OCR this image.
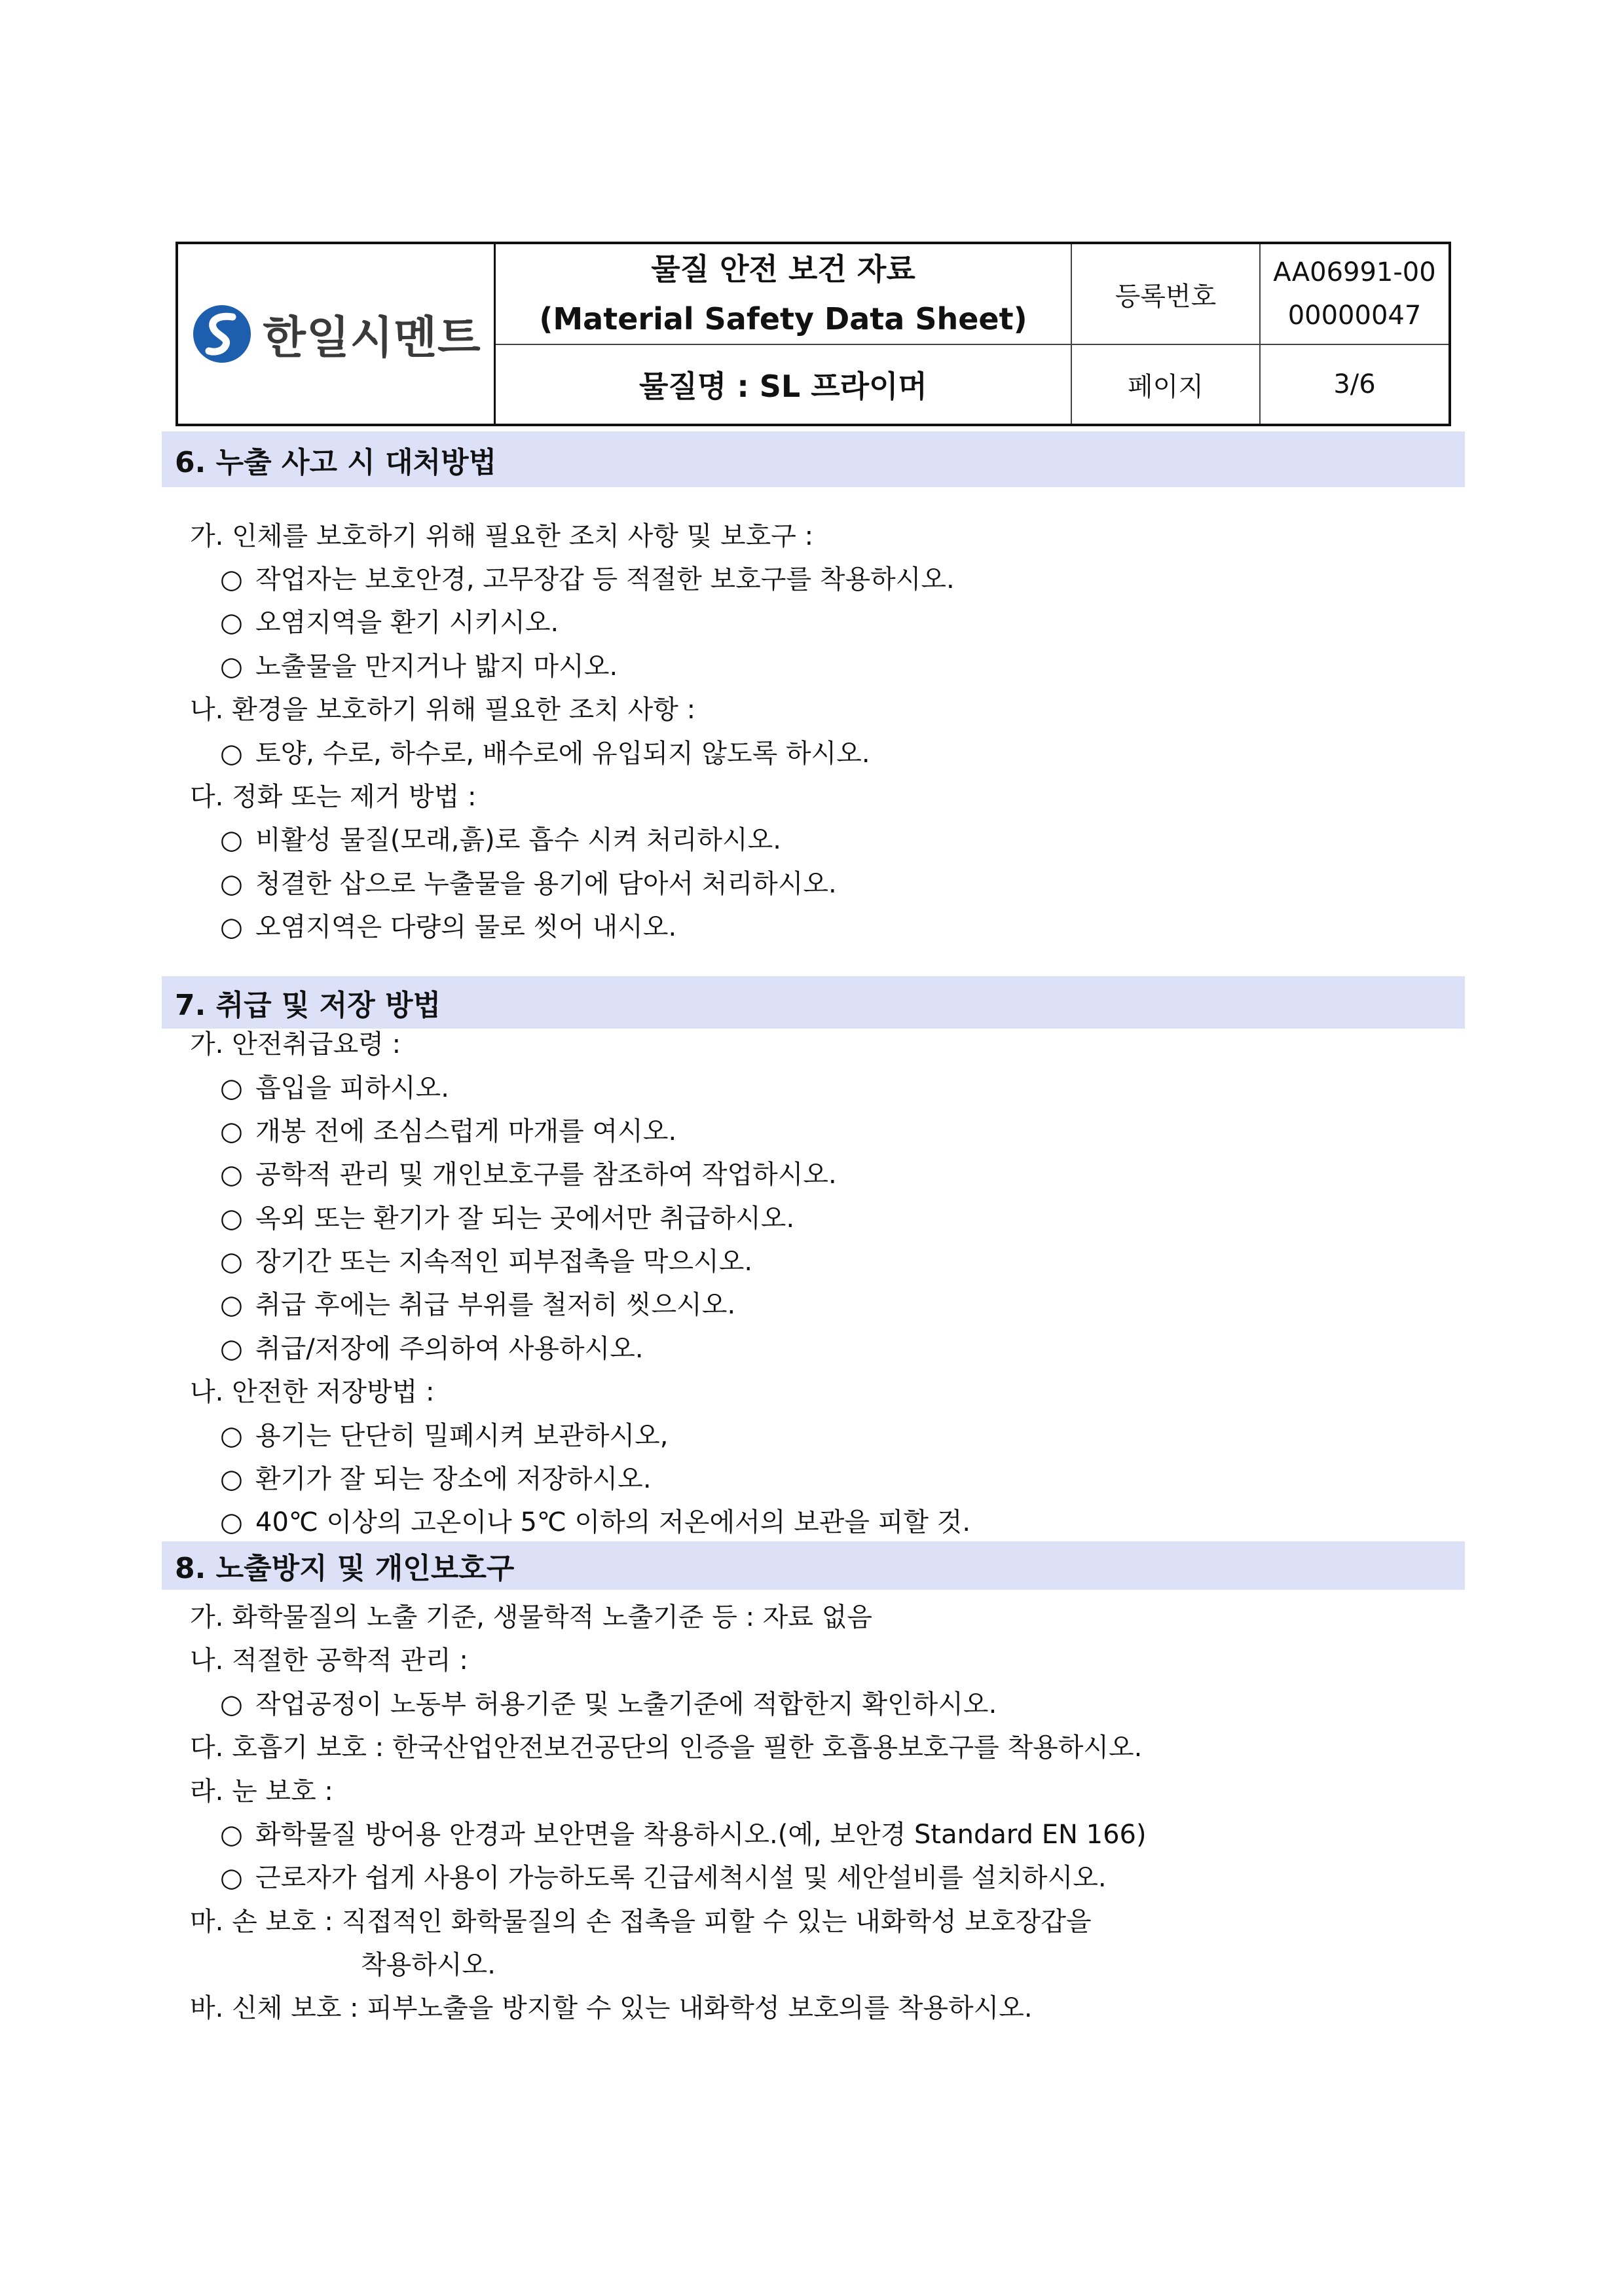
한일시멘트
물질 안전 보건 자료
(Material Safety Data Sheet)
등록번호
AA06991-00
00000047
물질명 : SL 프라이머	페이지	3/6
6. 누출 사고 시 대처방법
가. 인체를 보호하기 위해 필요한 조치 사항 및 보호구 :
○ 작업자는 보호안경, 고무장갑 등 적절한 보호구를 착용하시오.
○ 오염지역을 환기 시키시오.
○ 노출물을 만지거나 밟지 마시오.
나. 환경을 보호하기 위해 필요한 조치 사항 :
○ 토양, 수로, 하수로, 배수로에 유입되지 않도록 하시오.
다. 정화 또는 제거 방법 :
○ 비활성 물질(모래,흙)로 흡수 시켜 처리하시오.
○ 청결한 삽으로 누출물을 용기에 담아서 처리하시오.
○ 오염지역은 다량의 물로 씻어 내시오.
7. 취급 및 저장 방법
가. 안전취급요령 :
○ 흡입을 피하시오.
○ 개봉 전에 조심스럽게 마개를 여시오.
○ 공학적 관리 및 개인보호구를 참조하여 작업하시오.
○ 옥외 또는 환기가 잘 되는 곳에서만 취급하시오.
○ 장기간 또는 지속적인 피부접촉을 막으시오.
○ 취급 후에는 취급 부위를 철저히 씻으시오.
○ 취급/저장에 주의하여 사용하시오.
나. 안전한 저장방법 :
○ 용기는 단단히 밀폐시켜 보관하시오,
○ 환기가 잘 되는 장소에 저장하시오.
○ 40℃ 이상의 고온이나 5℃ 이하의 저온에서의 보관을 피할 것.
8. 노출방지 및 개인보호구
가. 화학물질의 노출 기준, 생물학적 노출기준 등 : 자료 없음
나. 적절한 공학적 관리 :
○ 작업공정이 노동부 허용기준 및 노출기준에 적합한지 확인하시오.
다. 호흡기 보호 : 한국산업안전보건공단의 인증을 필한 호흡용보호구를 착용하시오.
라. 눈 보호 :
○ 화학물질 방어용 안경과 보안면을 착용하시오.(예, 보안경 Standard EN 166)
○ 근로자가 쉽게 사용이 가능하도록 긴급세척시설 및 세안설비를 설치하시오.
마. 손 보호 : 직접적인 화학물질의 손 접촉을 피할 수 있는 내화학성 보호장갑을
착용하시오.
바. 신체 보호 : 피부노출을 방지할 수 있는 내화학성 보호의를 착용하시오.
